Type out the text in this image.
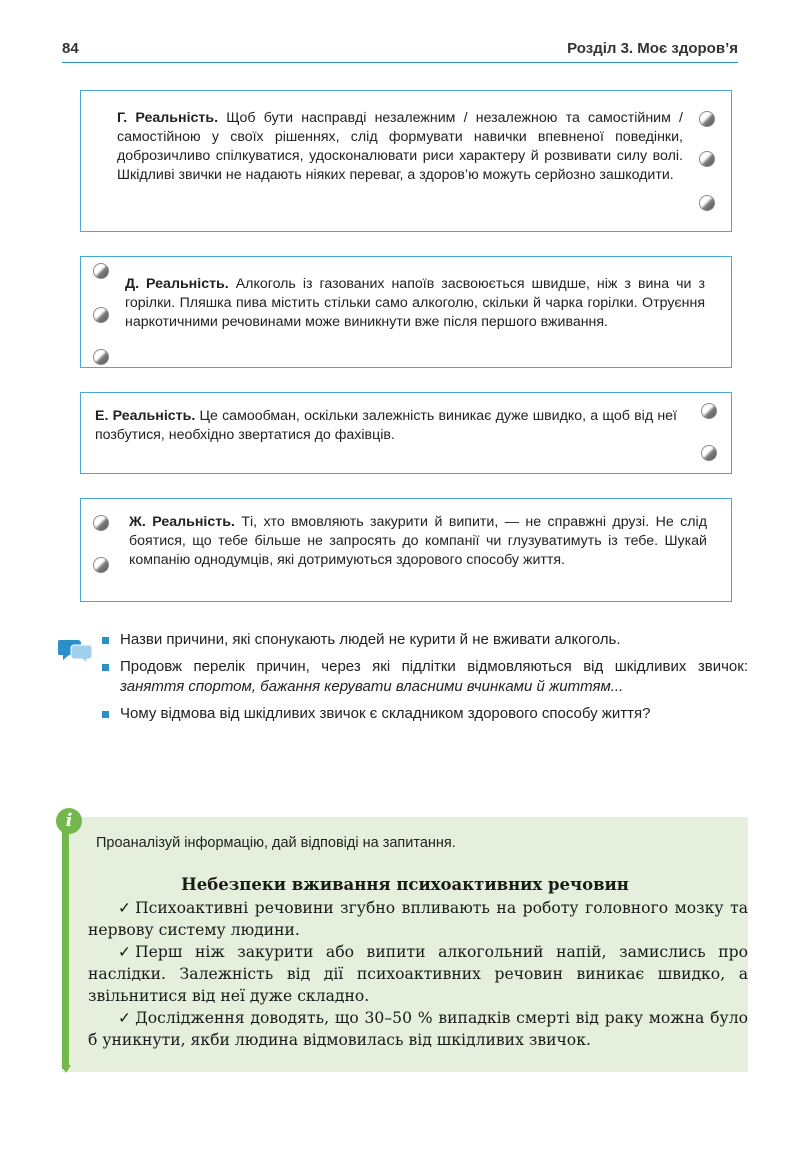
84	Розділ 3. Моє здоров’я

Г. Реальність. Щоб бути насправді незалежним / незалежною та самостійним / самостійною у своїх рішеннях, слід формувати навички впевненої поведінки, доброзичливо спілкуватися, удосконалювати риси характеру й розвивати силу волі. Шкідливі звички не надають ніяких переваг, а здоров’ю можуть серйозно зашкодити.

Д. Реальність. Алкоголь із газованих напоїв засвоюється швидше, ніж з вина чи з горілки. Пляшка пива містить стільки само алкоголю, скільки й чарка горілки. Отруєння наркотичними речовинами може виникнути вже після першого вживання.

Е. Реальність. Це самообман, оскільки залежність виникає дуже швидко, а щоб від неї позбутися, необхідно звертатися до фахівців.

Ж. Реальність. Ті, хто вмовляють закурити й випити, — не справжні друзі. Не слід боятися, що тебе більше не запросять до компанії чи глузуватимуть із тебе. Шукай компанію однодумців, які дотримуються здорового способу життя.

Назви причини, які спонукають людей не курити й не вживати алкоголь.
Продовж перелік причин, через які підлітки відмовляються від шкідливих звичок: заняття спортом, бажання керувати власними вчинками й життям...
Чому відмова від шкідливих звичок є складником здорового способу життя?
Проаналізуй інформацію, дай відповіді на запитання.
Небезпеки вживання психоактивних речовин
✓ Психоактивні речовини згубно впливають на роботу головного мозку та нервову систему людини.
✓ Перш ніж закурити або випити алкогольний напій, замислись про наслідки. Залежність від дії психоактивних речовин виникає швидко, а звільнитися від неї дуже складно.
✓ Дослідження доводять, що 30–50 % випадків смерті від раку можна було б уникнути, якби людина відмовилась від шкідливих звичок.
i
